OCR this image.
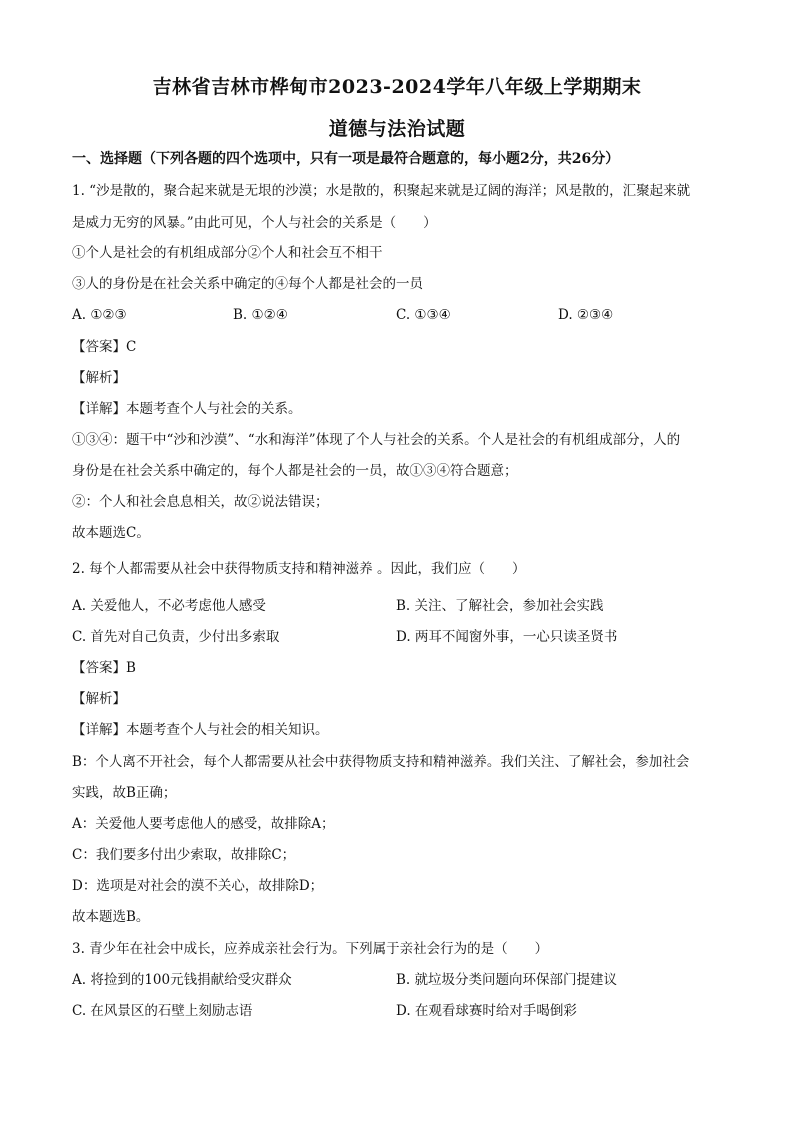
吉林省吉林市桦甸市2023-2024学年八年级上学期期末
道德与法治试题
一、选择题（下列各题的四个选项中，只有一项是最符合题意的，每小题2分，共26分）
1. “沙是散的，聚合起来就是无垠的沙漠；水是散的，积聚起来就是辽阔的海洋；风是散的，汇聚起来就
是威力无穷的风暴。”由此可见，个人与社会的关系是（　　）
①个人是社会的有机组成部分②个人和社会互不相干
③人的身份是在社会关系中确定的④每个人都是社会的一员
A. ①②③	B. ①②④	C. ①③④	D. ②③④
【答案】C
【解析】
【详解】本题考查个人与社会的关系。
①③④：题干中“沙和沙漠”、“水和海洋”体现了个人与社会的关系。个人是社会的有机组成部分，人的
身份是在社会关系中确定的，每个人都是社会的一员，故①③④符合题意；
②：个人和社会息息相关，故②说法错误；
故本题选C。
2. 每个人都需要从社会中获得物质支持和精神滋养 。因此，我们应（　　）
A. 关爱他人，不必考虑他人感受	B. 关注、了解社会，参加社会实践
C. 首先对自己负责，少付出多索取	D. 两耳不闻窗外事，一心只读圣贤书
【答案】B
【解析】
【详解】本题考查个人与社会的相关知识。
B：个人离不开社会，每个人都需要从社会中获得物质支持和精神滋养。我们关注、了解社会，参加社会
实践，故B正确；
A：关爱他人要考虑他人的感受，故排除A；
C：我们要多付出少索取，故排除C；
D：选项是对社会的漠不关心，故排除D；
故本题选B。
3. 青少年在社会中成长，应养成亲社会行为。下列属于亲社会行为的是（　　）
A. 将捡到的100元钱捐献给受灾群众	B. 就垃圾分类问题向环保部门提建议
C. 在风景区的石壁上刻励志语	D. 在观看球赛时给对手喝倒彩
